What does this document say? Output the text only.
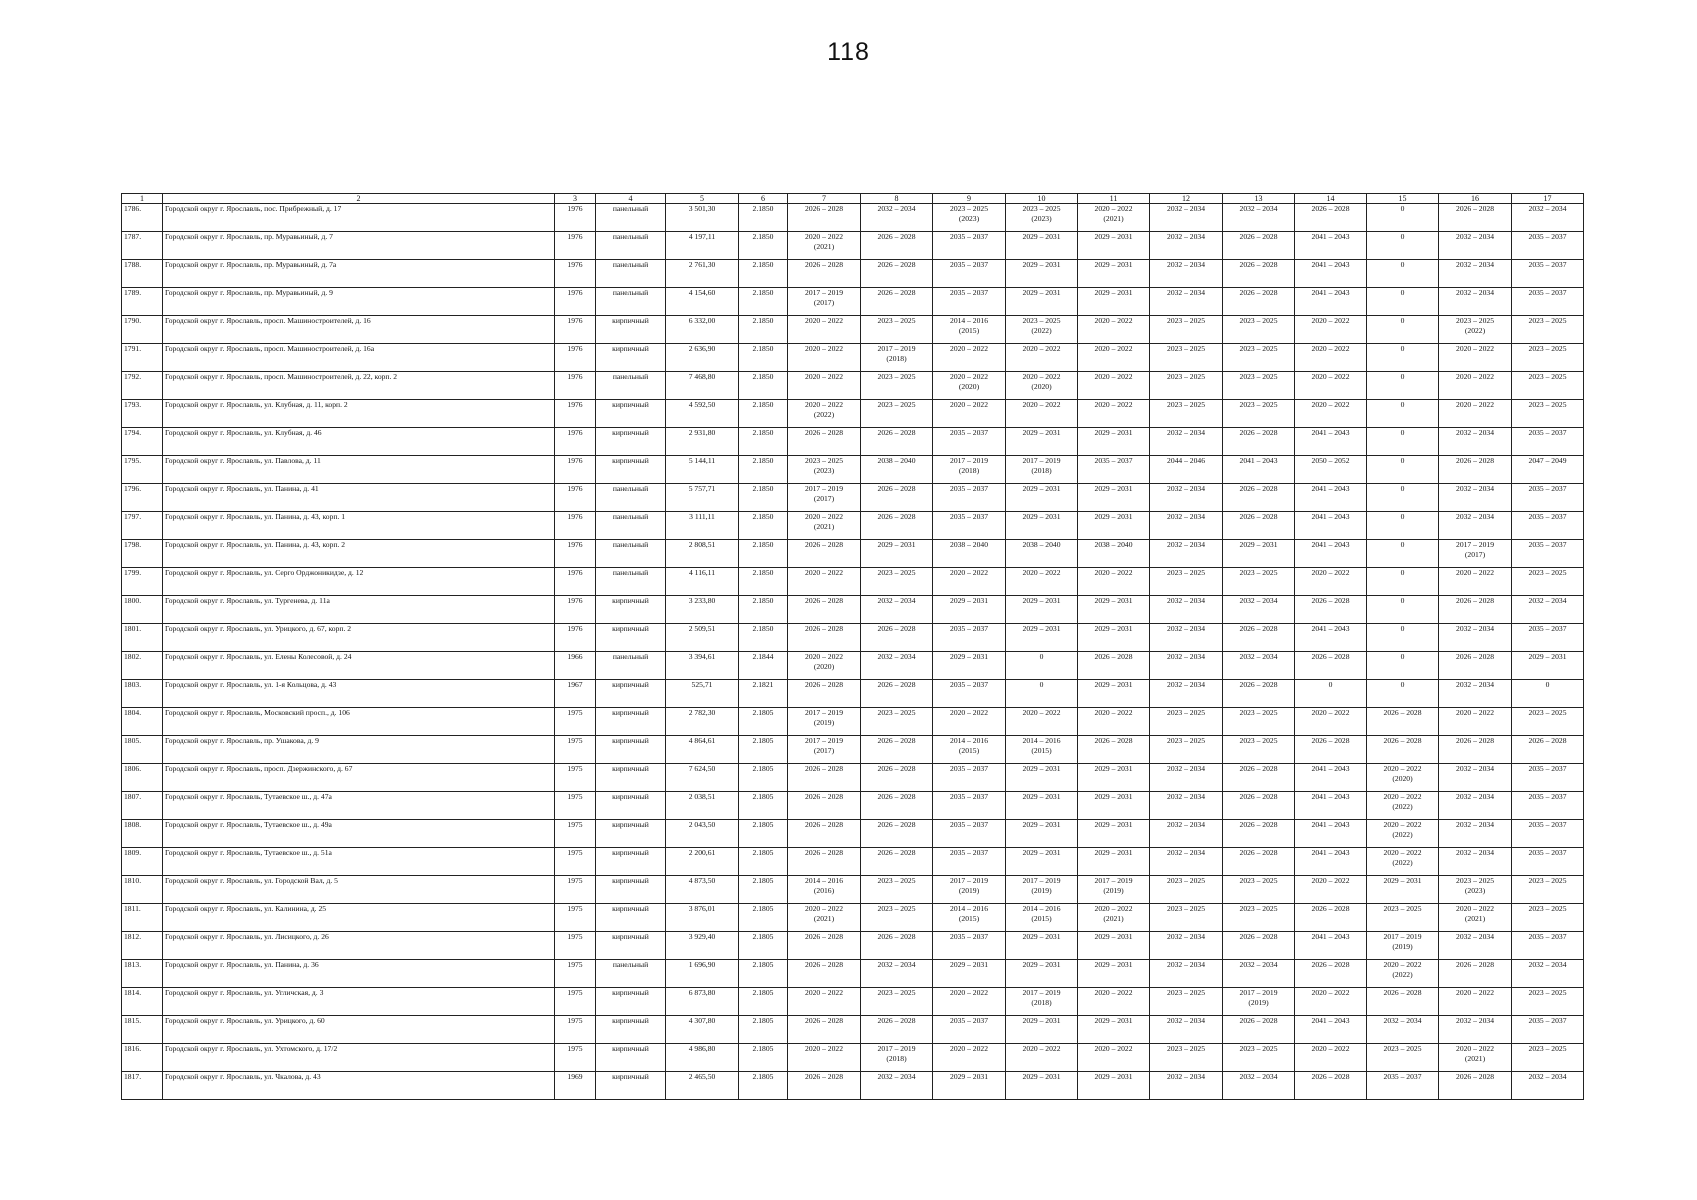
118
1	2	3	4	5	6	7	8	9	10	11	12	13	14	15	16	17

1786.	Городской округ г. Ярославль, пос. Прибрежный, д. 17	1976	панельный	3 501,30	2.1850	2026 – 2028	2032 – 2034	2023 – 2025
(2023)	2023 – 2025
(2023)	2020 – 2022
(2021)	2032 – 2034	2032 – 2034	2026 – 2028	0	2026 – 2028	2032 – 2034

1787.	Городской округ г. Ярославль, пр. Муравьиный, д. 7	1976	панельный	4 197,11	2.1850	2020 – 2022
(2021)	2026 – 2028	2035 – 2037	2029 – 2031	2029 – 2031	2032 – 2034	2026 – 2028	2041 – 2043	0	2032 – 2034	2035 – 2037

1788.	Городской округ г. Ярославль, пр. Муравьиный, д. 7а	1976	панельный	2 761,30	2.1850	2026 – 2028	2026 – 2028	2035 – 2037	2029 – 2031	2029 – 2031	2032 – 2034	2026 – 2028	2041 – 2043	0	2032 – 2034	2035 – 2037

1789.	Городской округ г. Ярославль, пр. Муравьиный, д. 9	1976	панельный	4 154,60	2.1850	2017 – 2019
(2017)	2026 – 2028	2035 – 2037	2029 – 2031	2029 – 2031	2032 – 2034	2026 – 2028	2041 – 2043	0	2032 – 2034	2035 – 2037

1790.	Городской округ г. Ярославль, просп. Машиностроителей, д. 16	1976	кирпичный	6 332,00	2.1850	2020 – 2022	2023 – 2025	2014 – 2016
(2015)	2023 – 2025
(2022)	2020 – 2022	2023 – 2025	2023 – 2025	2020 – 2022	0	2023 – 2025
(2022)	2023 – 2025

1791.	Городской округ г. Ярославль, просп. Машиностроителей, д. 16а	1976	кирпичный	2 636,90	2.1850	2020 – 2022	2017 – 2019
(2018)	2020 – 2022	2020 – 2022	2020 – 2022	2023 – 2025	2023 – 2025	2020 – 2022	0	2020 – 2022	2023 – 2025

1792.	Городской округ г. Ярославль, просп. Машиностроителей, д. 22, корп. 2	1976	панельный	7 468,80	2.1850	2020 – 2022	2023 – 2025	2020 – 2022
(2020)	2020 – 2022
(2020)	2020 – 2022	2023 – 2025	2023 – 2025	2020 – 2022	0	2020 – 2022	2023 – 2025

1793.	Городской округ г. Ярославль, ул. Клубная, д. 11, корп. 2	1976	кирпичный	4 592,50	2.1850	2020 – 2022
(2022)	2023 – 2025	2020 – 2022	2020 – 2022	2020 – 2022	2023 – 2025	2023 – 2025	2020 – 2022	0	2020 – 2022	2023 – 2025

1794.	Городской округ г. Ярославль, ул. Клубная, д. 46	1976	кирпичный	2 931,80	2.1850	2026 – 2028	2026 – 2028	2035 – 2037	2029 – 2031	2029 – 2031	2032 – 2034	2026 – 2028	2041 – 2043	0	2032 – 2034	2035 – 2037

1795.	Городской округ г. Ярославль, ул. Павлова, д. 11	1976	кирпичный	5 144,11	2.1850	2023 – 2025
(2023)	2038 – 2040	2017 – 2019
(2018)	2017 – 2019
(2018)	2035 – 2037	2044 – 2046	2041 – 2043	2050 – 2052	0	2026 – 2028	2047 – 2049

1796.	Городской округ г. Ярославль, ул. Панина, д. 41	1976	панельный	5 757,71	2.1850	2017 – 2019
(2017)	2026 – 2028	2035 – 2037	2029 – 2031	2029 – 2031	2032 – 2034	2026 – 2028	2041 – 2043	0	2032 – 2034	2035 – 2037

1797.	Городской округ г. Ярославль, ул. Панина, д. 43, корп. 1	1976	панельный	3 111,11	2.1850	2020 – 2022
(2021)	2026 – 2028	2035 – 2037	2029 – 2031	2029 – 2031	2032 – 2034	2026 – 2028	2041 – 2043	0	2032 – 2034	2035 – 2037

1798.	Городской округ г. Ярославль, ул. Панина, д. 43, корп. 2	1976	панельный	2 808,51	2.1850	2026 – 2028	2029 – 2031	2038 – 2040	2038 – 2040	2038 – 2040	2032 – 2034	2029 – 2031	2041 – 2043	0	2017 – 2019
(2017)	2035 – 2037

1799.	Городской округ г. Ярославль, ул. Серго Орджоникидзе, д. 12	1976	панельный	4 116,11	2.1850	2020 – 2022	2023 – 2025	2020 – 2022	2020 – 2022	2020 – 2022	2023 – 2025	2023 – 2025	2020 – 2022	0	2020 – 2022	2023 – 2025

1800.	Городской округ г. Ярославль, ул. Тургенева, д. 11а	1976	кирпичный	3 233,80	2.1850	2026 – 2028	2032 – 2034	2029 – 2031	2029 – 2031	2029 – 2031	2032 – 2034	2032 – 2034	2026 – 2028	0	2026 – 2028	2032 – 2034

1801.	Городской округ г. Ярославль, ул. Урицкого, д. 67, корп. 2	1976	кирпичный	2 509,51	2.1850	2026 – 2028	2026 – 2028	2035 – 2037	2029 – 2031	2029 – 2031	2032 – 2034	2026 – 2028	2041 – 2043	0	2032 – 2034	2035 – 2037

1802.	Городской округ г. Ярославль, ул. Елены Колесовой, д. 24	1966	панельный	3 394,61	2.1844	2020 – 2022
(2020)	2032 – 2034	2029 – 2031	0	2026 – 2028	2032 – 2034	2032 – 2034	2026 – 2028	0	2026 – 2028	2029 – 2031

1803.	Городской округ г. Ярославль, ул. 1-я Кольцова, д. 43	1967	кирпичный	525,71	2.1821	2026 – 2028	2026 – 2028	2035 – 2037	0	2029 – 2031	2032 – 2034	2026 – 2028	0	0	2032 – 2034	0

1804.	Городской округ г. Ярославль, Московский просп., д. 106	1975	кирпичный	2 782,30	2.1805	2017 – 2019
(2019)	2023 – 2025	2020 – 2022	2020 – 2022	2020 – 2022	2023 – 2025	2023 – 2025	2020 – 2022	2026 – 2028	2020 – 2022	2023 – 2025

1805.	Городской округ г. Ярославль, пр. Ушакова, д. 9	1975	кирпичный	4 864,61	2.1805	2017 – 2019
(2017)	2026 – 2028	2014 – 2016
(2015)	2014 – 2016
(2015)	2026 – 2028	2023 – 2025	2023 – 2025	2026 – 2028	2026 – 2028	2026 – 2028	2026 – 2028

1806.	Городской округ г. Ярославль, просп. Дзержинского, д. 67	1975	кирпичный	7 624,50	2.1805	2026 – 2028	2026 – 2028	2035 – 2037	2029 – 2031	2029 – 2031	2032 – 2034	2026 – 2028	2041 – 2043	2020 – 2022
(2020)	2032 – 2034	2035 – 2037

1807.	Городской округ г. Ярославль, Тутаевское ш., д. 47а	1975	кирпичный	2 038,51	2.1805	2026 – 2028	2026 – 2028	2035 – 2037	2029 – 2031	2029 – 2031	2032 – 2034	2026 – 2028	2041 – 2043	2020 – 2022
(2022)	2032 – 2034	2035 – 2037

1808.	Городской округ г. Ярославль, Тутаевское ш., д. 49а	1975	кирпичный	2 043,50	2.1805	2026 – 2028	2026 – 2028	2035 – 2037	2029 – 2031	2029 – 2031	2032 – 2034	2026 – 2028	2041 – 2043	2020 – 2022
(2022)	2032 – 2034	2035 – 2037

1809.	Городской округ г. Ярославль, Тутаевское ш., д. 51а	1975	кирпичный	2 200,61	2.1805	2026 – 2028	2026 – 2028	2035 – 2037	2029 – 2031	2029 – 2031	2032 – 2034	2026 – 2028	2041 – 2043	2020 – 2022
(2022)	2032 – 2034	2035 – 2037

1810.	Городской округ г. Ярославль, ул. Городской Вал, д. 5	1975	кирпичный	4 873,50	2.1805	2014 – 2016
(2016)	2023 – 2025	2017 – 2019
(2019)	2017 – 2019
(2019)	2017 – 2019
(2019)	2023 – 2025	2023 – 2025	2020 – 2022	2029 – 2031	2023 – 2025
(2023)	2023 – 2025

1811.	Городской округ г. Ярославль, ул. Калинина, д. 25	1975	кирпичный	3 876,01	2.1805	2020 – 2022
(2021)	2023 – 2025	2014 – 2016
(2015)	2014 – 2016
(2015)	2020 – 2022
(2021)	2023 – 2025	2023 – 2025	2026 – 2028	2023 – 2025	2020 – 2022
(2021)	2023 – 2025

1812.	Городской округ г. Ярославль, ул. Лисицкого, д. 26	1975	кирпичный	3 929,40	2.1805	2026 – 2028	2026 – 2028	2035 – 2037	2029 – 2031	2029 – 2031	2032 – 2034	2026 – 2028	2041 – 2043	2017 – 2019
(2019)	2032 – 2034	2035 – 2037

1813.	Городской округ г. Ярославль, ул. Панина, д. 36	1975	панельный	1 696,90	2.1805	2026 – 2028	2032 – 2034	2029 – 2031	2029 – 2031	2029 – 2031	2032 – 2034	2032 – 2034	2026 – 2028	2020 – 2022
(2022)	2026 – 2028	2032 – 2034

1814.	Городской округ г. Ярославль, ул. Угличская, д. 3	1975	кирпичный	6 873,80	2.1805	2020 – 2022	2023 – 2025	2020 – 2022	2017 – 2019
(2018)	2020 – 2022	2023 – 2025	2017 – 2019
(2019)	2020 – 2022	2026 – 2028	2020 – 2022	2023 – 2025

1815.	Городской округ г. Ярославль, ул. Урицкого, д. 60	1975	кирпичный	4 307,80	2.1805	2026 – 2028	2026 – 2028	2035 – 2037	2029 – 2031	2029 – 2031	2032 – 2034	2026 – 2028	2041 – 2043	2032 – 2034	2032 – 2034	2035 – 2037

1816.	Городской округ г. Ярославль, ул. Ухтомского, д. 17/2	1975	кирпичный	4 986,80	2.1805	2020 – 2022	2017 – 2019
(2018)	2020 – 2022	2020 – 2022	2020 – 2022	2023 – 2025	2023 – 2025	2020 – 2022	2023 – 2025	2020 – 2022
(2021)	2023 – 2025

1817.	Городской округ г. Ярославль, ул. Чкалова, д. 43	1969	кирпичный	2 465,50	2.1805	2026 – 2028	2032 – 2034	2029 – 2031	2029 – 2031	2029 – 2031	2032 – 2034	2032 – 2034	2026 – 2028	2035 – 2037	2026 – 2028	2032 – 2034
